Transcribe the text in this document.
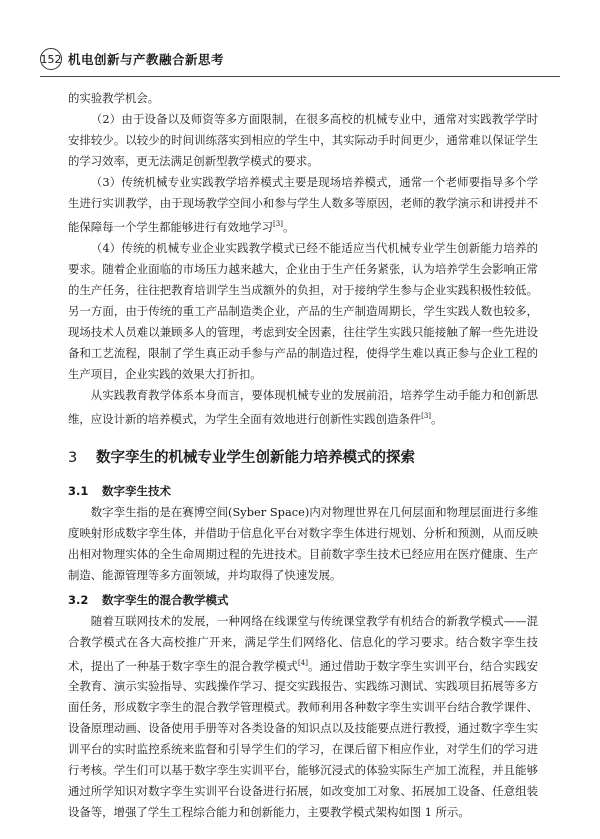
152 机电创新与产教融合新思考

的实验教学机会。

（2）由于设备以及师资等多方面限制，在很多高校的机械专业中，通常对实践教学学时安排较少。以较少的时间训练落实到相应的学生中，其实际动手时间更少，通常难以保证学生的学习效率，更无法满足创新型教学模式的要求。

（3）传统机械专业实践教学培养模式主要是现场培养模式，通常一个老师要指导多个学生进行实训教学，由于现场教学空间小和参与学生人数多等原因，老师的教学演示和讲授并不能保障每一个学生都能够进行有效地学习[3]。

（4）传统的机械专业企业实践教学模式已经不能适应当代机械专业学生创新能力培养的要求。随着企业面临的市场压力越来越大，企业由于生产任务紧张，认为培养学生会影响正常的生产任务，往往把教育培训学生当成额外的负担，对于接纳学生参与企业实践积极性较低。另一方面，由于传统的重工产品制造类企业，产品的生产制造周期长，学生实践人数也较多，现场技术人员难以兼顾多人的管理，考虑到安全因素，往往学生实践只能接触了解一些先进设备和工艺流程，限制了学生真正动手参与产品的制造过程，使得学生难以真正参与企业工程的生产项目，企业实践的效果大打折扣。

从实践教育教学体系本身而言，要体现机械专业的发展前沿，培养学生动手能力和创新思维，应设计新的培养模式，为学生全面有效地进行创新性实践创造条件[3]。

3	数字孪生的机械专业学生创新能力培养模式的探索
3.1 数字孪生技术

数字孪生指的是在赛博空间(Syber Space)内对物理世界在几何层面和物理层面进行多维度映射形成数字孪生体，并借助于信息化平台对数字孪生体进行规划、分析和预测，从而反映出相对物理实体的全生命周期过程的先进技术。目前数字孪生技术已经应用在医疗健康、生产制造、能源管理等多方面领域，并均取得了快速发展。

3.2 数字孪生的混合教学模式

随着互联网技术的发展，一种网络在线课堂与传统课堂教学有机结合的新教学模式——混合教学模式在各大高校推广开来，满足学生们网络化、信息化的学习要求。结合数字孪生技术，提出了一种基于数字孪生的混合教学模式[4]。通过借助于数字孪生实训平台，结合实践安全教育、演示实验指导、实践操作学习、提交实践报告、实践练习测试、实践项目拓展等多方面任务，形成数字孪生的混合教学管理模式。教师利用各种数字孪生实训平台结合教学课件、设备原理动画、设备使用手册等对各类设备的知识点以及技能要点进行教授，通过数字孪生实训平台的实时监控系统来监督和引导学生们的学习，在课后留下相应作业，对学生们的学习进行考核。学生们可以基于数字孪生实训平台，能够沉浸式的体验实际生产加工流程，并且能够通过所学知识对数字孪生实训平台设备进行拓展，如改变加工对象、拓展加工设备、任意组装设备等，增强了学生工程综合能力和创新能力，主要教学模式架构如图 1 所示。
